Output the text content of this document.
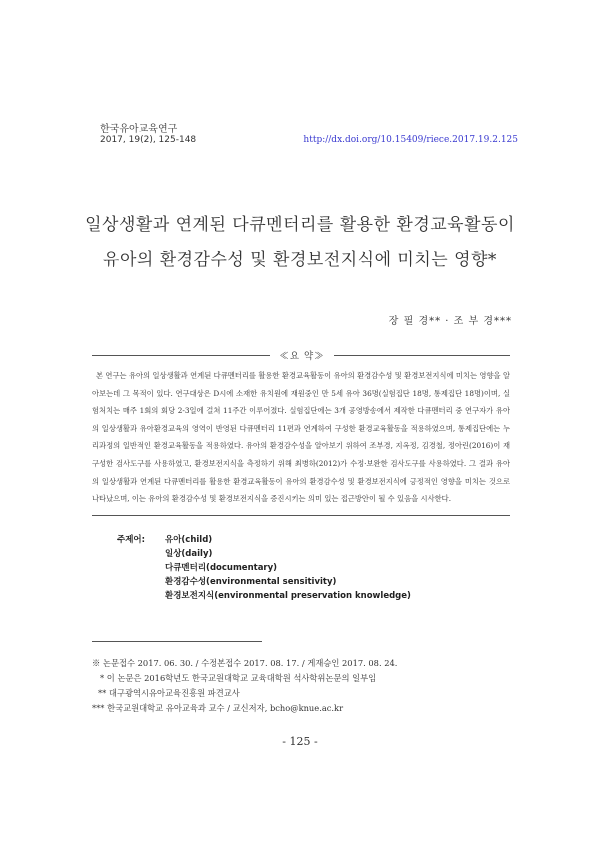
한국유아교육연구
2017, 19(2), 125-148	http://dx.doi.org/10.15409/riece.2017.19.2.125
일상생활과 연계된 다큐멘터리를 활용한 환경교육활동이
유아의 환경감수성 및 환경보전지식에 미치는 영향*
장 필 경** · 조 부 경***
≪요 약≫

본 연구는 유아의 일상생활과 연계된 다큐멘터리를 활용한 환경교육활동이 유아의 환경감수성 및 환경보전지식에 미치는 영향을 알아보는데 그 목적이 있다. 연구대상은 D시에 소재한 유치원에 재원중인 만 5세 유아 36명(실험집단 18명, 통제집단 18명)이며, 실험처치는 매주 1회의 회당 2-3일에 걸쳐 11주간 이루어졌다. 실험집단에는 3개 공영방송에서 제작한 다큐멘터리 중 연구자가 유아의 일상생활과 유아환경교육의 영역이 반영된 다큐멘터리 11편과 연계하여 구성한 환경교육활동을 적용하였으며, 통제집단에는 누리과정의 일반적인 환경교육활동을 적용하였다. 유아의 환경감수성을 알아보기 위하여 조부경, 지옥정, 김경철, 정아린(2016)이 재구성한 검사도구를 사용하였고, 환경보전지식을 측정하기 위해 최병하(2012)가 수정·보완한 검사도구를 사용하였다. 그 결과 유아의 일상생활과 연계된 다큐멘터리를 활용한 환경교육활동이 유아의 환경감수성 및 환경보전지식에 긍정적인 영향을 미치는 것으로 나타났으며, 이는 유아의 환경감수성 및 환경보전지식을 증진시키는 의미 있는 접근방안이 될 수 있음을 시사한다.

주제어: 유아(child)
일상(daily)
다큐멘터리(documentary)
환경감수성(environmental sensitivity)
환경보전지식(environmental preservation knowledge)
※ 논문접수 2017. 06. 30. / 수정본접수 2017. 08. 17. / 게재승인 2017. 08. 24.
* 이 논문은 2016학년도 한국교원대학교 교육대학원 석사학위논문의 일부임
** 대구광역시유아교육진흥원 파견교사
*** 한국교원대학교 유아교육과 교수 / 교신저자, bcho@knue.ac.kr
- 125 -
